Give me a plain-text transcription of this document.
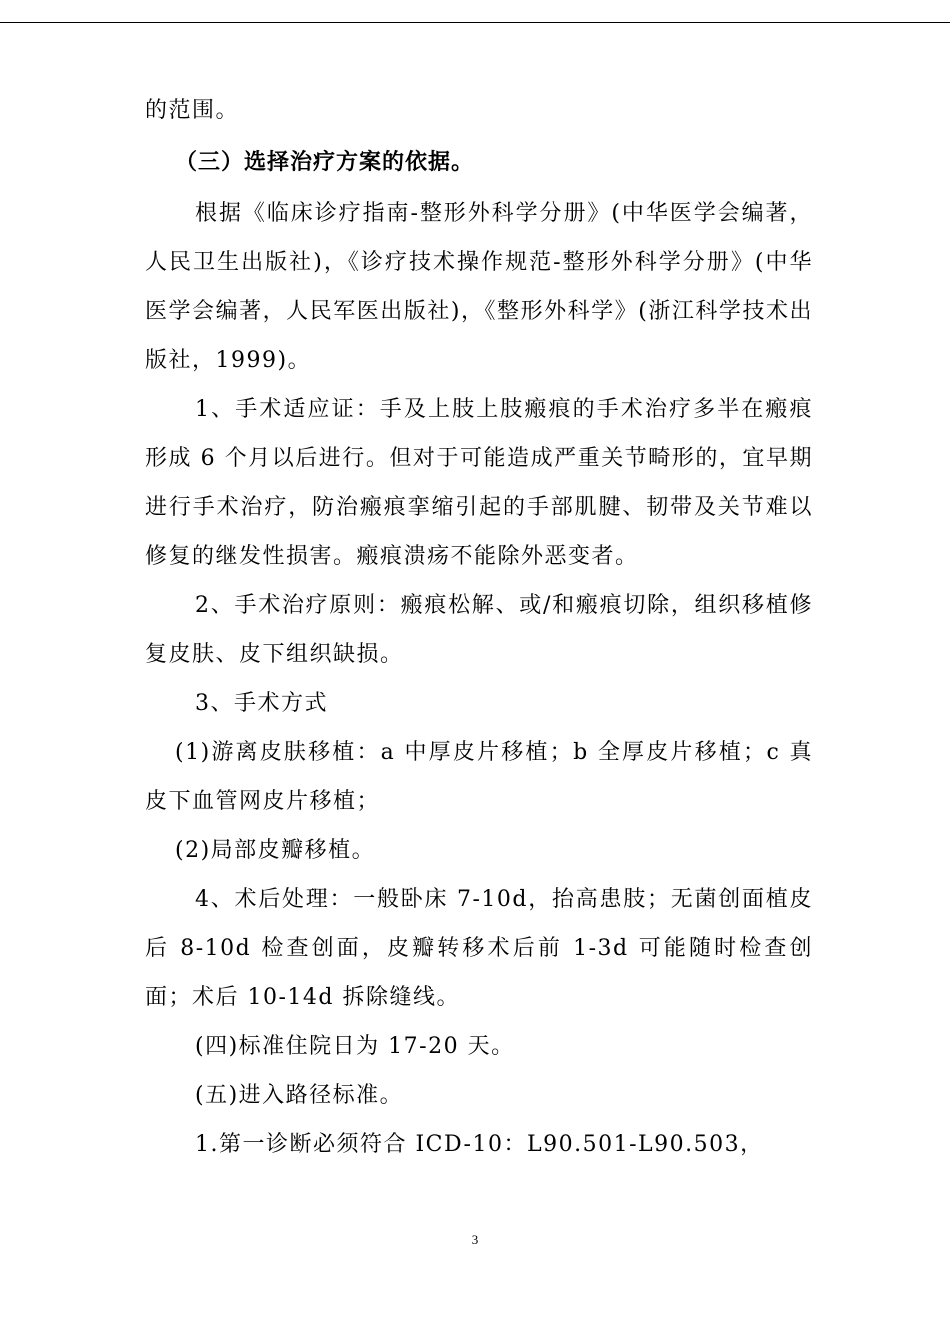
的范围。

（三）选择治疗方案的依据。

根据《临床诊疗指南-整形外科学分册》(中华医学会编著，人民卫生出版社)，《诊疗技术操作规范-整形外科学分册》(中华医学会编著，人民军医出版社)，《整形外科学》(浙江科学技术出版社，1999)。

1、手术适应证：手及上肢上肢瘢痕的手术治疗多半在瘢痕形成 6 个月以后进行。但对于可能造成严重关节畸形的，宜早期进行手术治疗，防治瘢痕挛缩引起的手部肌腱、韧带及关节难以修复的继发性损害。瘢痕溃疡不能除外恶变者。

2、手术治疗原则：瘢痕松解、或/和瘢痕切除，组织移植修复皮肤、皮下组织缺损。

3、手术方式

(1)游离皮肤移植：a 中厚皮片移植；b 全厚皮片移植；c 真皮下血管网皮片移植；

(2)局部皮瓣移植。

4、术后处理：一般卧床 7-10d，抬高患肢；无菌创面植皮后 8-10d 检查创面，皮瓣转移术后前 1-3d 可能随时检查创面；术后 10-14d 拆除缝线。

(四)标准住院日为 17-20 天。

(五)进入路径标准。

1.第一诊断必须符合 ICD-10：L90.501-L90.503，

3
